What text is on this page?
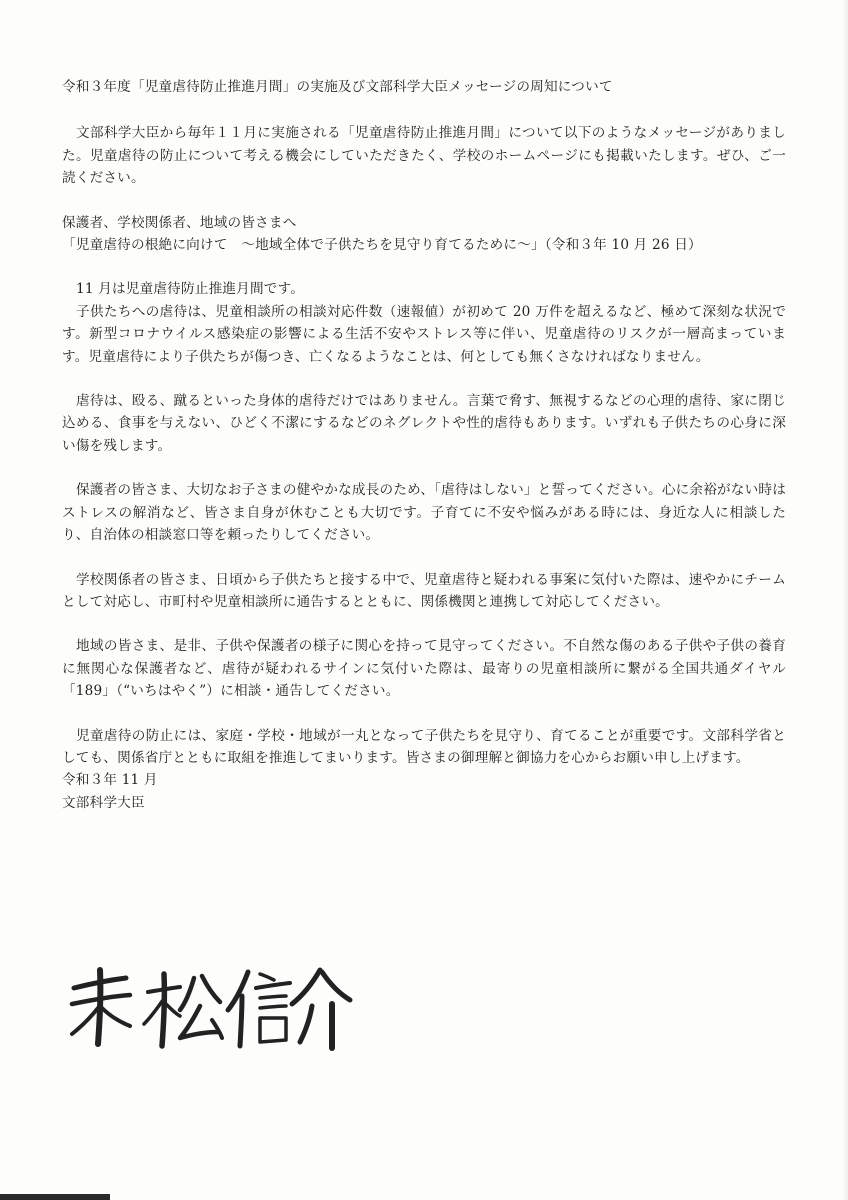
令和３年度「児童虐待防止推進月間」の実施及び文部科学大臣メッセージの周知について

文部科学大臣から毎年１１月に実施される「児童虐待防止推進月間」について以下のようなメッセージがありました。児童虐待の防止について考える機会にしていただきたく、学校のホームページにも掲載いたします。ぜひ、ご一読ください。

保護者、学校関係者、地域の皆さまへ

「児童虐待の根絶に向けて　〜地域全体で子供たちを見守り育てるために〜」（令和３年 10 月 26 日）

11 月は児童虐待防止推進月間です。

子供たちへの虐待は、児童相談所の相談対応件数（速報値）が初めて 20 万件を超えるなど、極めて深刻な状況です。新型コロナウイルス感染症の影響による生活不安やストレス等に伴い、児童虐待のリスクが一層高まっています。児童虐待により子供たちが傷つき、亡くなるようなことは、何としても無くさなければなりません。

虐待は、殴る、蹴るといった身体的虐待だけではありません。言葉で脅す、無視するなどの心理的虐待、家に閉じ込める、食事を与えない、ひどく不潔にするなどのネグレクトや性的虐待もあります。いずれも子供たちの心身に深い傷を残します。

保護者の皆さま、大切なお子さまの健やかな成長のため、「虐待はしない」と誓ってください。心に余裕がない時はストレスの解消など、皆さま自身が休むことも大切です。子育てに不安や悩みがある時には、身近な人に相談したり、自治体の相談窓口等を頼ったりしてください。

学校関係者の皆さま、日頃から子供たちと接する中で、児童虐待と疑われる事案に気付いた際は、速やかにチームとして対応し、市町村や児童相談所に通告するとともに、関係機関と連携して対応してください。

地域の皆さま、是非、子供や保護者の様子に関心を持って見守ってください。不自然な傷のある子供や子供の養育に無関心な保護者など、虐待が疑われるサインに気付いた際は、最寄りの児童相談所に繋がる全国共通ダイヤル「189」（“いちはやく”）に相談・通告してください。

児童虐待の防止には、家庭・学校・地域が一丸となって子供たちを見守り、育てることが重要です。文部科学省としても、関係省庁とともに取組を推進してまいります。皆さまの御理解と御協力を心からお願い申し上げます。

令和３年 11 月

文部科学大臣
